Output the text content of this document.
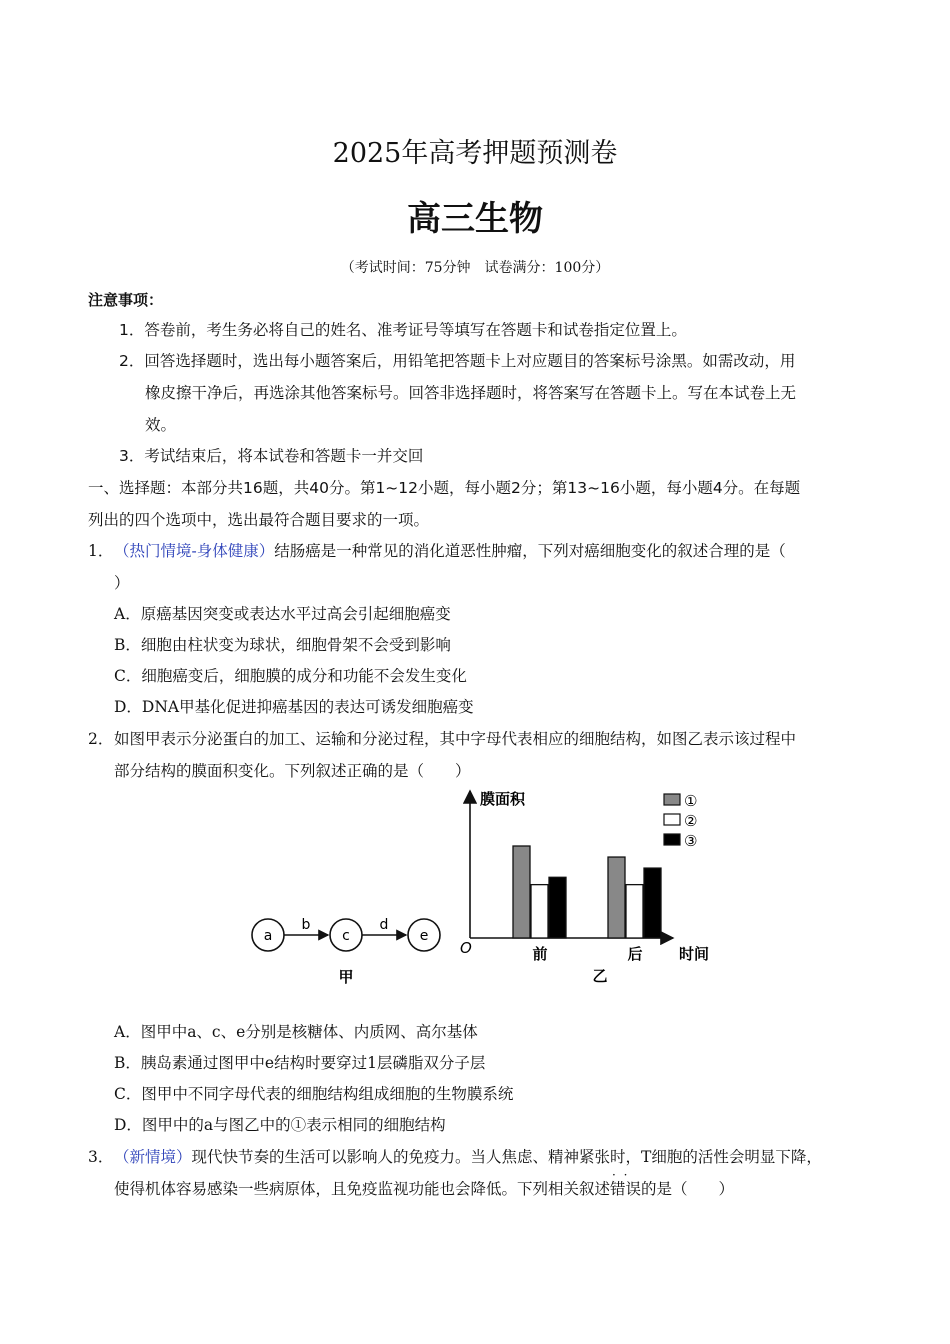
2025年高考押题预测卷
高三生物
（考试时间：75分钟　试卷满分：100分）
注意事项：
1．答卷前，考生务必将自己的姓名、准考证号等填写在答题卡和试卷指定位置上。
2．回答选择题时，选出每小题答案后，用铅笔把答题卡上对应题目的答案标号涂黑。如需改动，用
橡皮擦干净后，再选涂其他答案标号。回答非选择题时，将答案写在答题卡上。写在本试卷上无
效。
3．考试结束后，将本试卷和答题卡一并交回
一、选择题：本部分共16题，共40分。第1~12小题，每小题2分；第13~16小题，每小题4分。在每题
列出的四个选项中，选出最符合题目要求的一项。
1．（热门情境-身体健康）结肠癌是一种常见的消化道恶性肿瘤，下列对癌细胞变化的叙述合理的是（
）
A．原癌基因突变或表达水平过高会引起细胞癌变
B．细胞由柱状变为球状，细胞骨架不会受到影响
C．细胞癌变后，细胞膜的成分和功能不会发生变化
D．DNA甲基化促进抑癌基因的表达可诱发细胞癌变
2．如图甲表示分泌蛋白的加工、运输和分泌过程，其中字母代表相应的细胞结构，如图乙表示该过程中
部分结构的膜面积变化。下列叙述正确的是（　　）
a
b
c
d
e
甲
膜面积
时间
O	前	后
①
②
③
乙
A．图甲中a、c、e分别是核糖体、内质网、高尔基体
B．胰岛素通过图甲中e结构时要穿过1层磷脂双分子层
C．图甲中不同字母代表的细胞结构组成细胞的生物膜系统
D．图甲中的a与图乙中的①表示相同的细胞结构
3．（新情境）现代快节奏的生活可以影响人的免疫力。当人焦虑、精神紧张时，T细胞的活性会明显下降，
使得机体容易感染一些病原体，且免疫监视功能也会降低。下列相关叙述· · 错误的是（　　）
